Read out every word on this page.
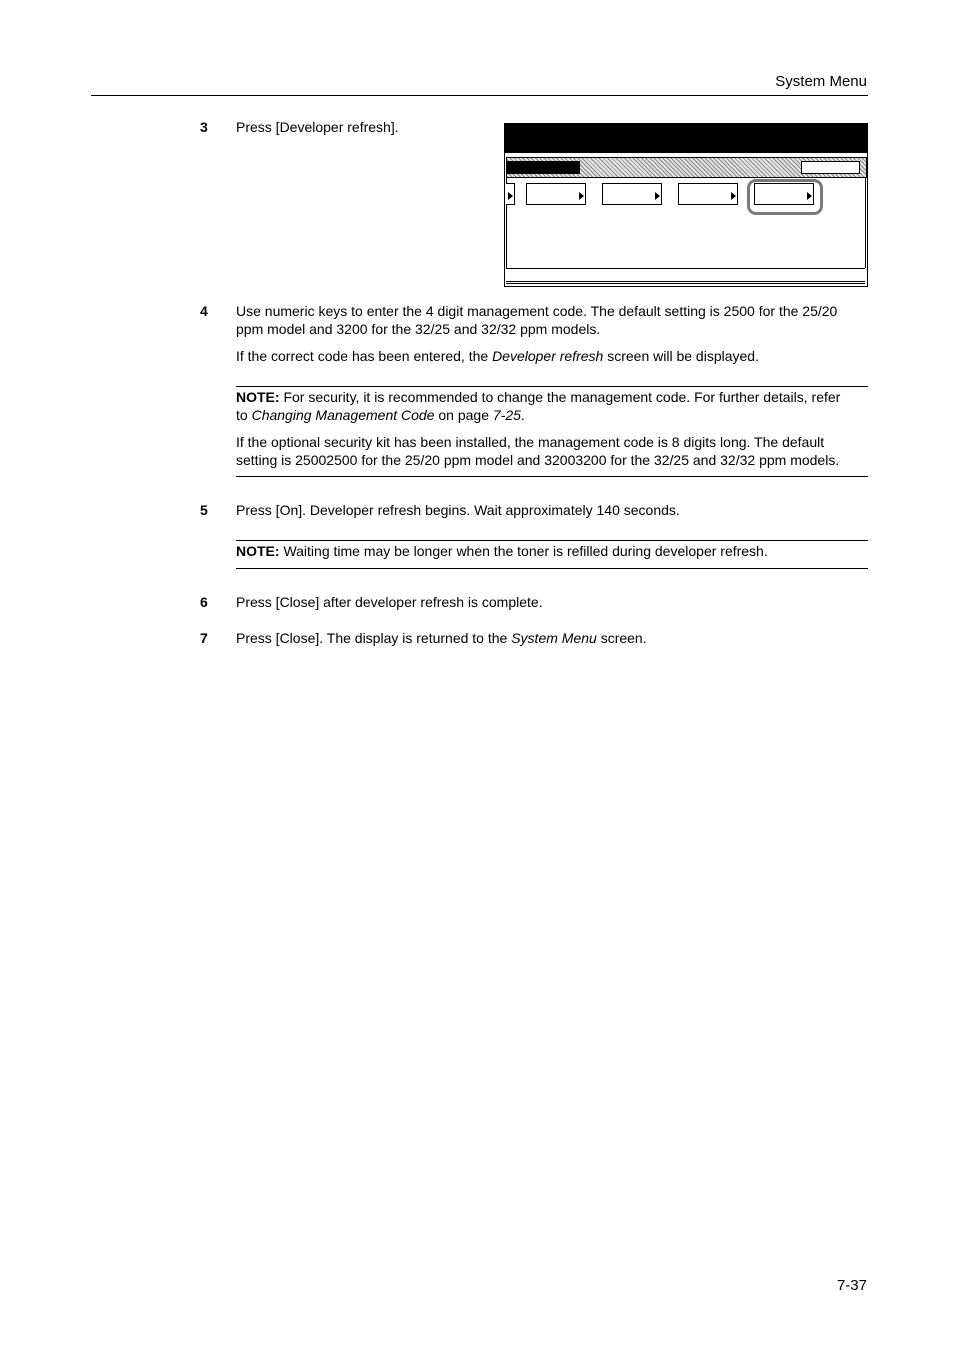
System Menu
3 Press [Developer refresh].
4 Use numeric keys to enter the 4 digit management code. The default setting is 2500 for the 25/20
ppm model and 3200 for the 32/25 and 32/32 ppm models.
If the correct code has been entered, the Developer refresh screen will be displayed.
NOTE: For security, it is recommended to change the management code. For further details, refer
to Changing Management Code on page 7-25.
If the optional security kit has been installed, the management code is 8 digits long. The default
setting is 25002500 for the 25/20 ppm model and 32003200 for the 32/25 and 32/32 ppm models.
5 Press [On]. Developer refresh begins. Wait approximately 140 seconds.
NOTE: Waiting time may be longer when the toner is refilled during developer refresh.
6 Press [Close] after developer refresh is complete.
7 Press [Close]. The display is returned to the System Menu screen.
7-37
